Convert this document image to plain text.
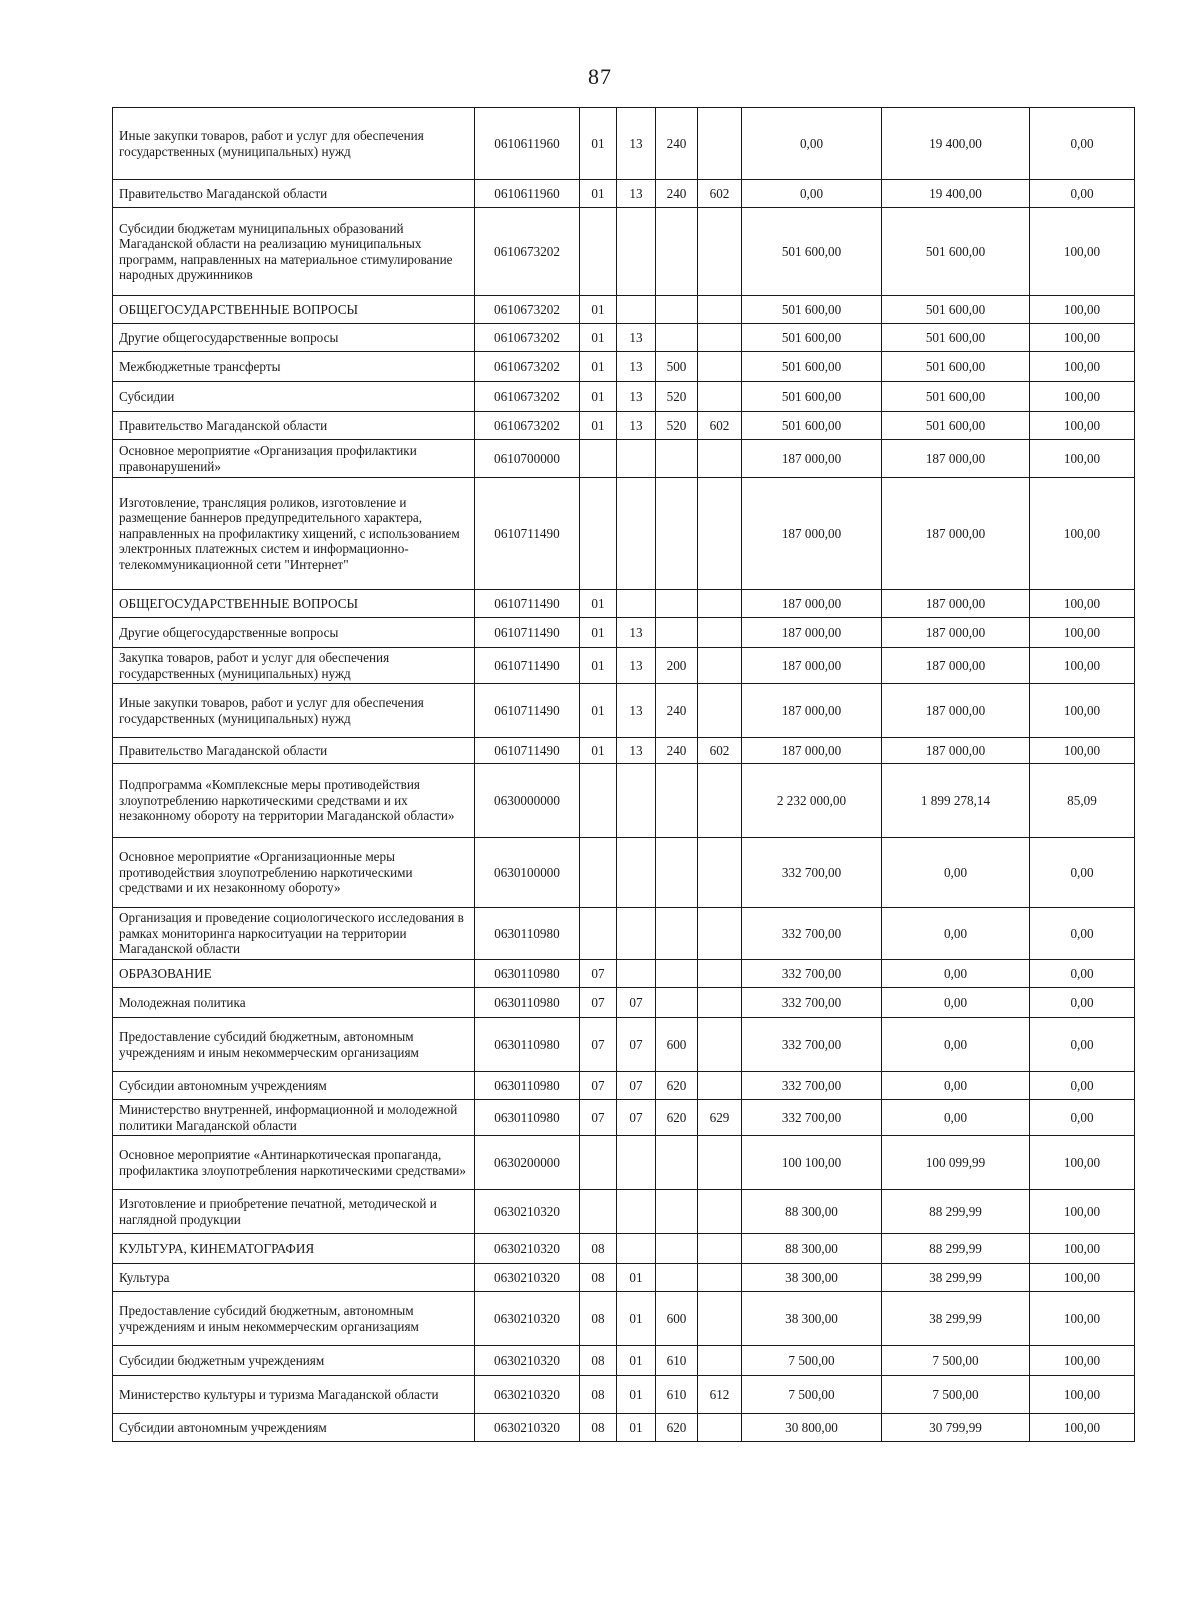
87
Иные закупки товаров, работ и услуг для обеспечения государственных (муниципальных) нужд	0610611960	01	13	240		0,00	19 400,00	0,00
Правительство Магаданской области	0610611960	01	13	240	602	0,00	19 400,00	0,00
Субсидии бюджетам муниципальных образований Магаданской области на реализацию муниципальных программ, направленных на материальное стимулирование народных дружинников	0610673202					501 600,00	501 600,00	100,00
ОБЩЕГОСУДАРСТВЕННЫЕ ВОПРОСЫ	0610673202	01				501 600,00	501 600,00	100,00
Другие общегосударственные вопросы	0610673202	01	13			501 600,00	501 600,00	100,00
Межбюджетные трансферты	0610673202	01	13	500		501 600,00	501 600,00	100,00
Субсидии	0610673202	01	13	520		501 600,00	501 600,00	100,00
Правительство Магаданской области	0610673202	01	13	520	602	501 600,00	501 600,00	100,00
Основное мероприятие «Организация профилактики правонарушений»	0610700000					187 000,00	187 000,00	100,00
Изготовление, трансляция роликов, изготовление и размещение баннеров предупредительного характера, направленных на профилактику хищений, с использованием электронных платежных систем и информационно-телекоммуникационной сети "Интернет"	0610711490					187 000,00	187 000,00	100,00
ОБЩЕГОСУДАРСТВЕННЫЕ ВОПРОСЫ	0610711490	01				187 000,00	187 000,00	100,00
Другие общегосударственные вопросы	0610711490	01	13			187 000,00	187 000,00	100,00
Закупка товаров, работ и услуг для обеспечения государственных (муниципальных) нужд	0610711490	01	13	200		187 000,00	187 000,00	100,00
Иные закупки товаров, работ и услуг для обеспечения государственных (муниципальных) нужд	0610711490	01	13	240		187 000,00	187 000,00	100,00
Правительство Магаданской области	0610711490	01	13	240	602	187 000,00	187 000,00	100,00
Подпрограмма «Комплексные меры противодействия злоупотреблению наркотическими средствами и их незаконному обороту на территории Магаданской области»	0630000000					2 232 000,00	1 899 278,14	85,09
Основное мероприятие «Организационные меры противодействия злоупотреблению наркотическими средствами и их незаконному обороту»	0630100000					332 700,00	0,00	0,00
Организация и проведение социологического исследования в рамках мониторинга наркоситуации на территории Магаданской области	0630110980					332 700,00	0,00	0,00
ОБРАЗОВАНИЕ	0630110980	07				332 700,00	0,00	0,00
Молодежная политика	0630110980	07	07			332 700,00	0,00	0,00
Предоставление субсидий бюджетным, автономным учреждениям и иным некоммерческим организациям	0630110980	07	07	600		332 700,00	0,00	0,00
Субсидии автономным учреждениям	0630110980	07	07	620		332 700,00	0,00	0,00
Министерство внутренней, информационной и молодежной политики Магаданской области	0630110980	07	07	620	629	332 700,00	0,00	0,00
Основное мероприятие «Антинаркотическая пропаганда, профилактика злоупотребления наркотическими средствами»	0630200000					100 100,00	100 099,99	100,00
Изготовление и приобретение печатной, методической и наглядной продукции	0630210320					88 300,00	88 299,99	100,00
КУЛЬТУРА, КИНЕМАТОГРАФИЯ	0630210320	08				88 300,00	88 299,99	100,00
Культура	0630210320	08	01			38 300,00	38 299,99	100,00
Предоставление субсидий бюджетным, автономным учреждениям и иным некоммерческим организациям	0630210320	08	01	600		38 300,00	38 299,99	100,00
Субсидии бюджетным учреждениям	0630210320	08	01	610		7 500,00	7 500,00	100,00
Министерство культуры и туризма Магаданской области	0630210320	08	01	610	612	7 500,00	7 500,00	100,00
Субсидии автономным учреждениям	0630210320	08	01	620		30 800,00	30 799,99	100,00
